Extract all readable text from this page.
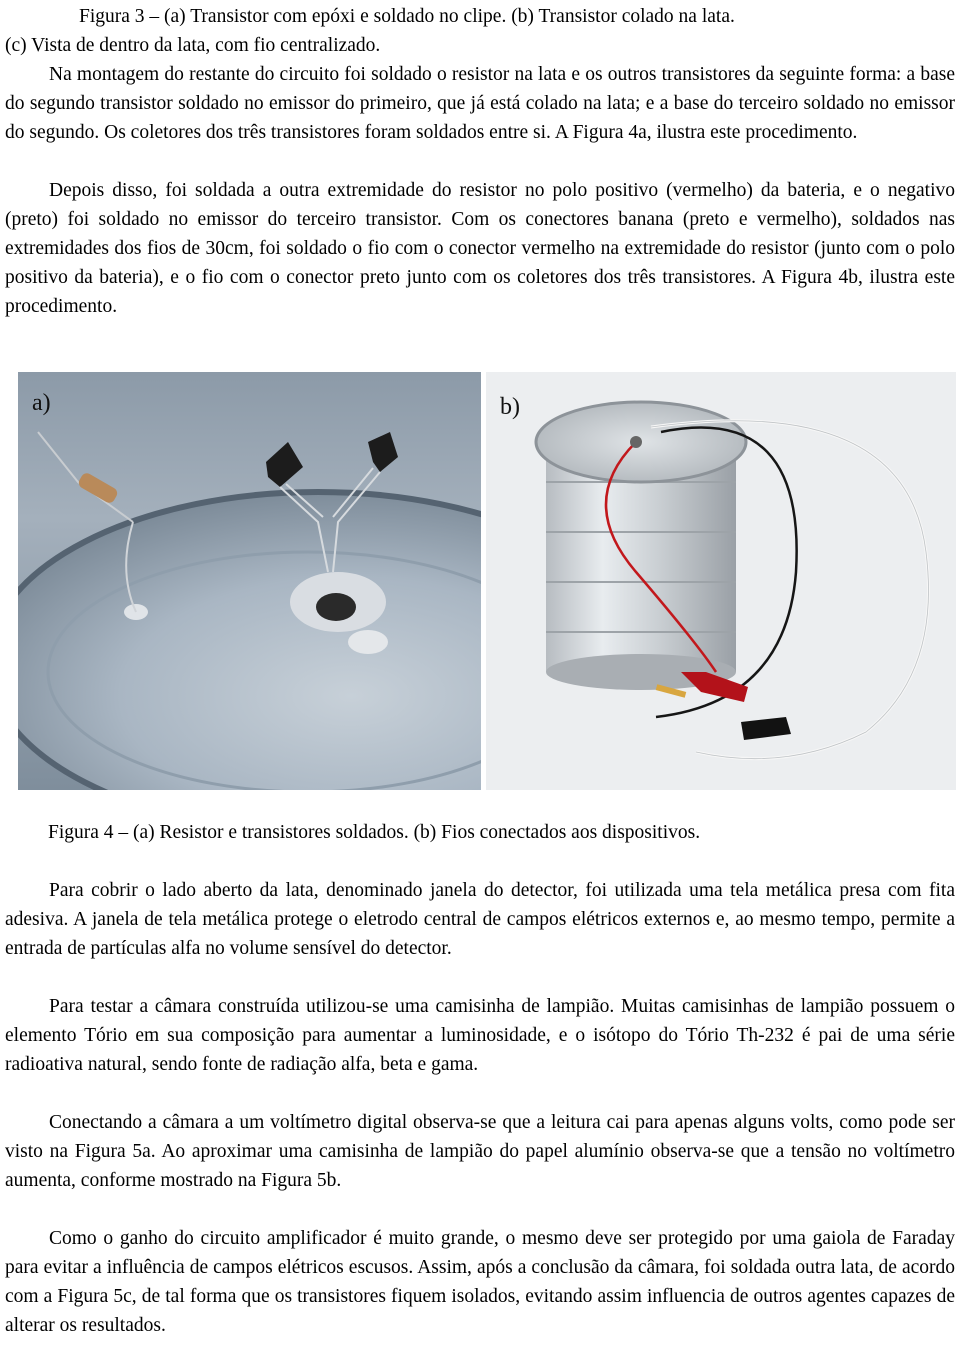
Figura 3 – (a) Transistor com epóxi e soldado no clipe. (b) Transistor colado na lata.
(c) Vista de dentro da lata, com fio centralizado.

Na montagem do restante do circuito foi soldado o resistor na lata e os outros transistores da seguinte forma: a base do segundo transistor soldado no emissor do primeiro, que já está colado na lata; e a base do terceiro soldado no emissor do segundo. Os coletores dos três transistores foram soldados entre si. A Figura 4a, ilustra este procedimento.

Depois disso, foi soldada a outra extremidade do resistor no polo positivo (vermelho) da bateria, e o negativo (preto) foi soldado no emissor do terceiro transistor. Com os conectores banana (preto e vermelho), soldados nas extremidades dos fios de 30cm, foi soldado o fio com o conector vermelho na extremidade do resistor (junto com o polo positivo da bateria), e o fio com o conector preto junto com os coletores dos três transistores. A Figura 4b, ilustra este procedimento.

a)	b)
Figura 4 – (a) Resistor e transistores soldados. (b) Fios conectados aos dispositivos.

Para cobrir o lado aberto da lata, denominado janela do detector, foi utilizada uma tela metálica presa com fita adesiva. A janela de tela metálica protege o eletrodo central de campos elétricos externos e, ao mesmo tempo, permite a entrada de partículas alfa no volume sensível do detector.

Para testar a câmara construída utilizou-se uma camisinha de lampião. Muitas camisinhas de lampião possuem o elemento Tório em sua composição para aumentar a luminosidade, e o isótopo do Tório Th-232 é pai de uma série radioativa natural, sendo fonte de radiação alfa, beta e gama.

Conectando a câmara a um voltímetro digital observa-se que a leitura cai para apenas alguns volts, como pode ser visto na Figura 5a. Ao aproximar uma camisinha de lampião do papel alumínio observa-se que a tensão no voltímetro aumenta, conforme mostrado na Figura 5b.

Como o ganho do circuito amplificador é muito grande, o mesmo deve ser protegido por uma gaiola de Faraday para evitar a influência de campos elétricos escusos. Assim, após a conclusão da câmara, foi soldada outra lata, de acordo com a Figura 5c, de tal forma que os transistores fiquem isolados, evitando assim influencia de outros agentes capazes de alterar os resultados.
